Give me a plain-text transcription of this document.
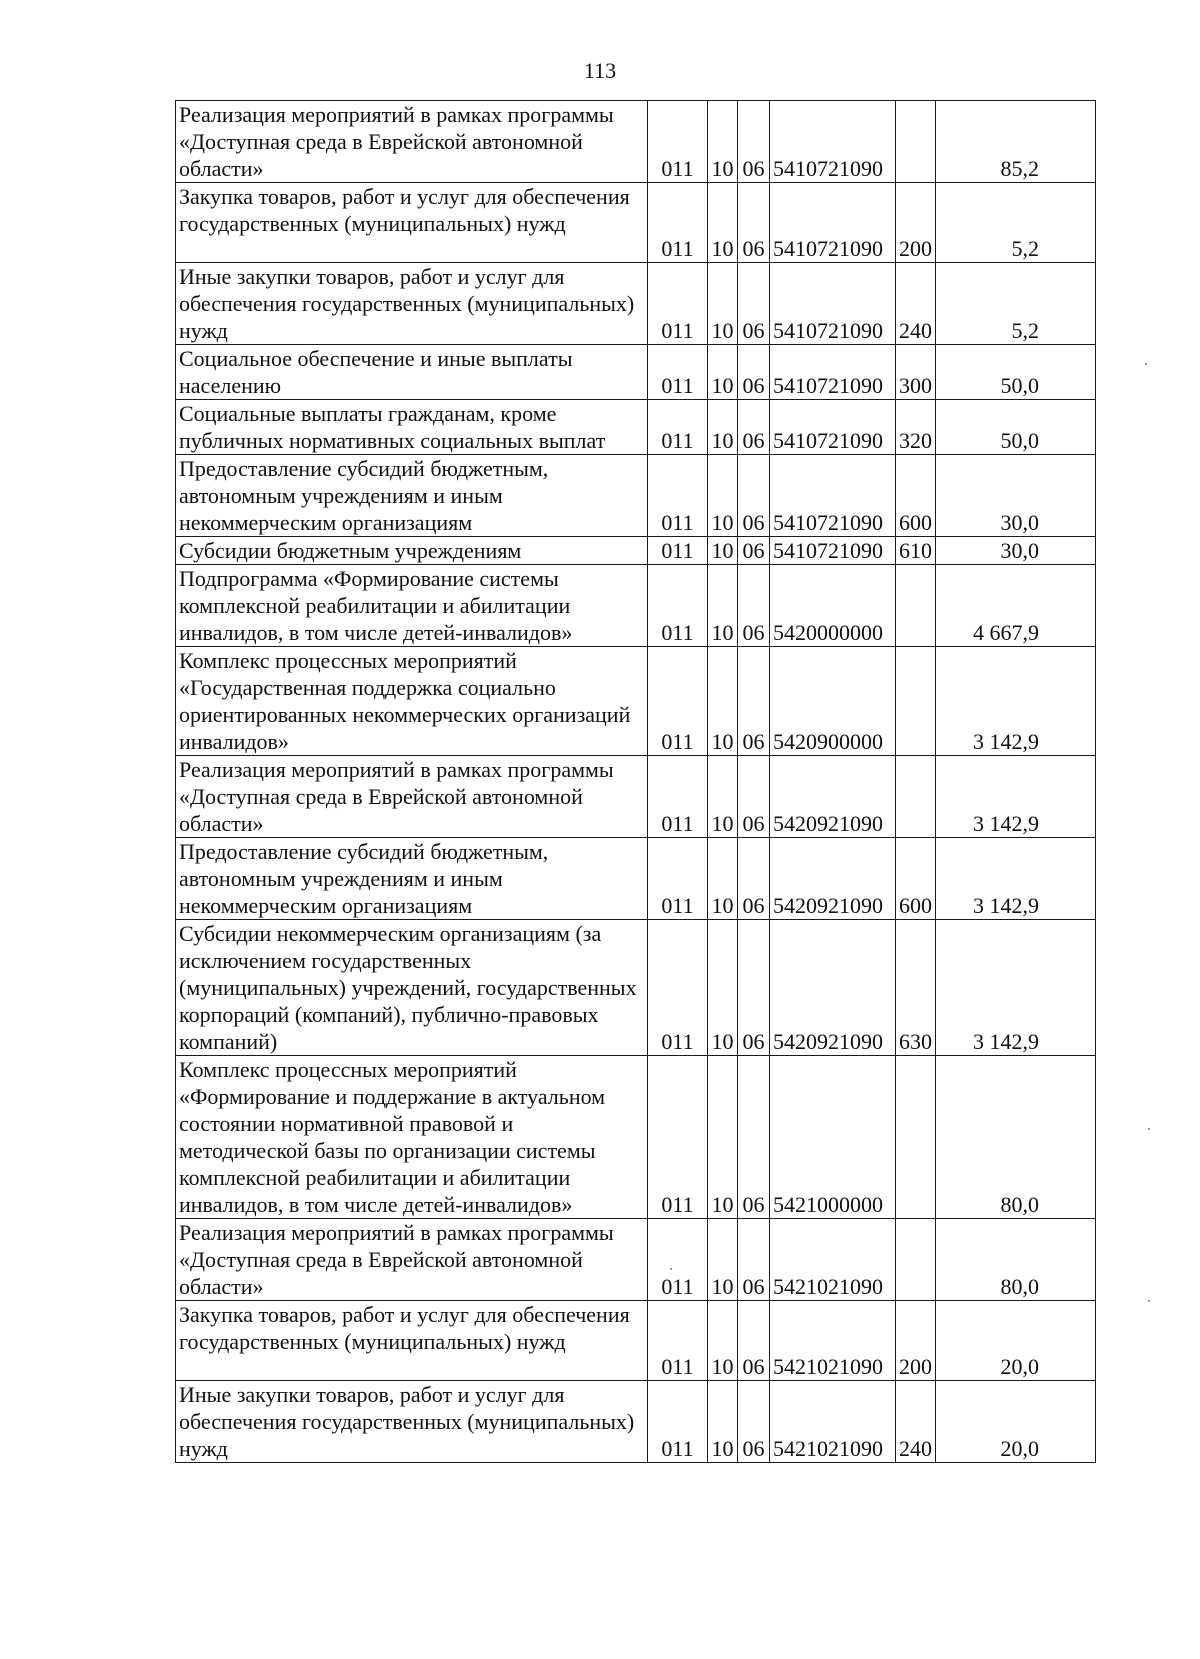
113
Реализация мероприятий в рамках программы «Доступная среда в Еврейской автономной области»	011	10	06	5410721090		85,2
Закупка товаров, работ и услуг для обеспечения государственных (муниципальных) нужд	011	10	06	5410721090	200	5,2
Иные закупки товаров, работ и услуг для обеспечения государственных (муниципальных) нужд	011	10	06	5410721090	240	5,2
Социальное обеспечение и иные выплаты населению	011	10	06	5410721090	300	50,0
Социальные выплаты гражданам, кроме публичных нормативных социальных выплат	011	10	06	5410721090	320	50,0
Предоставление субсидий бюджетным, автономным учреждениям и иным некоммерческим организациям	011	10	06	5410721090	600	30,0
Субсидии бюджетным учреждениям	011	10	06	5410721090	610	30,0
Подпрограмма «Формирование системы комплексной реабилитации и абилитации инвалидов, в том числе детей-инвалидов»	011	10	06	5420000000		4 667,9
Комплекс процессных мероприятий «Государственная поддержка социально ориентированных некоммерческих организаций инвалидов»	011	10	06	5420900000		3 142,9
Реализация мероприятий в рамках программы «Доступная среда в Еврейской автономной области»	011	10	06	5420921090		3 142,9
Предоставление субсидий бюджетным, автономным учреждениям и иным некоммерческим организациям	011	10	06	5420921090	600	3 142,9
Субсидии некоммерческим организациям (за исключением государственных (муниципальных) учреждений, государственных корпораций (компаний), публично-правовых компаний)	011	10	06	5420921090	630	3 142,9
Комплекс процессных мероприятий «Формирование и поддержание в актуальном состоянии нормативной правовой и методической базы по организации системы комплексной реабилитации и абилитации инвалидов, в том числе детей-инвалидов»	011	10	06	5421000000		80,0
Реализация мероприятий в рамках программы «Доступная среда в Еврейской автономной области»	011	10	06	5421021090		80,0
Закупка товаров, работ и услуг для обеспечения государственных (муниципальных) нужд	011	10	06	5421021090	200	20,0
Иные закупки товаров, работ и услуг для обеспечения государственных (муниципальных) нужд	011	10	06	5421021090	240	20,0
